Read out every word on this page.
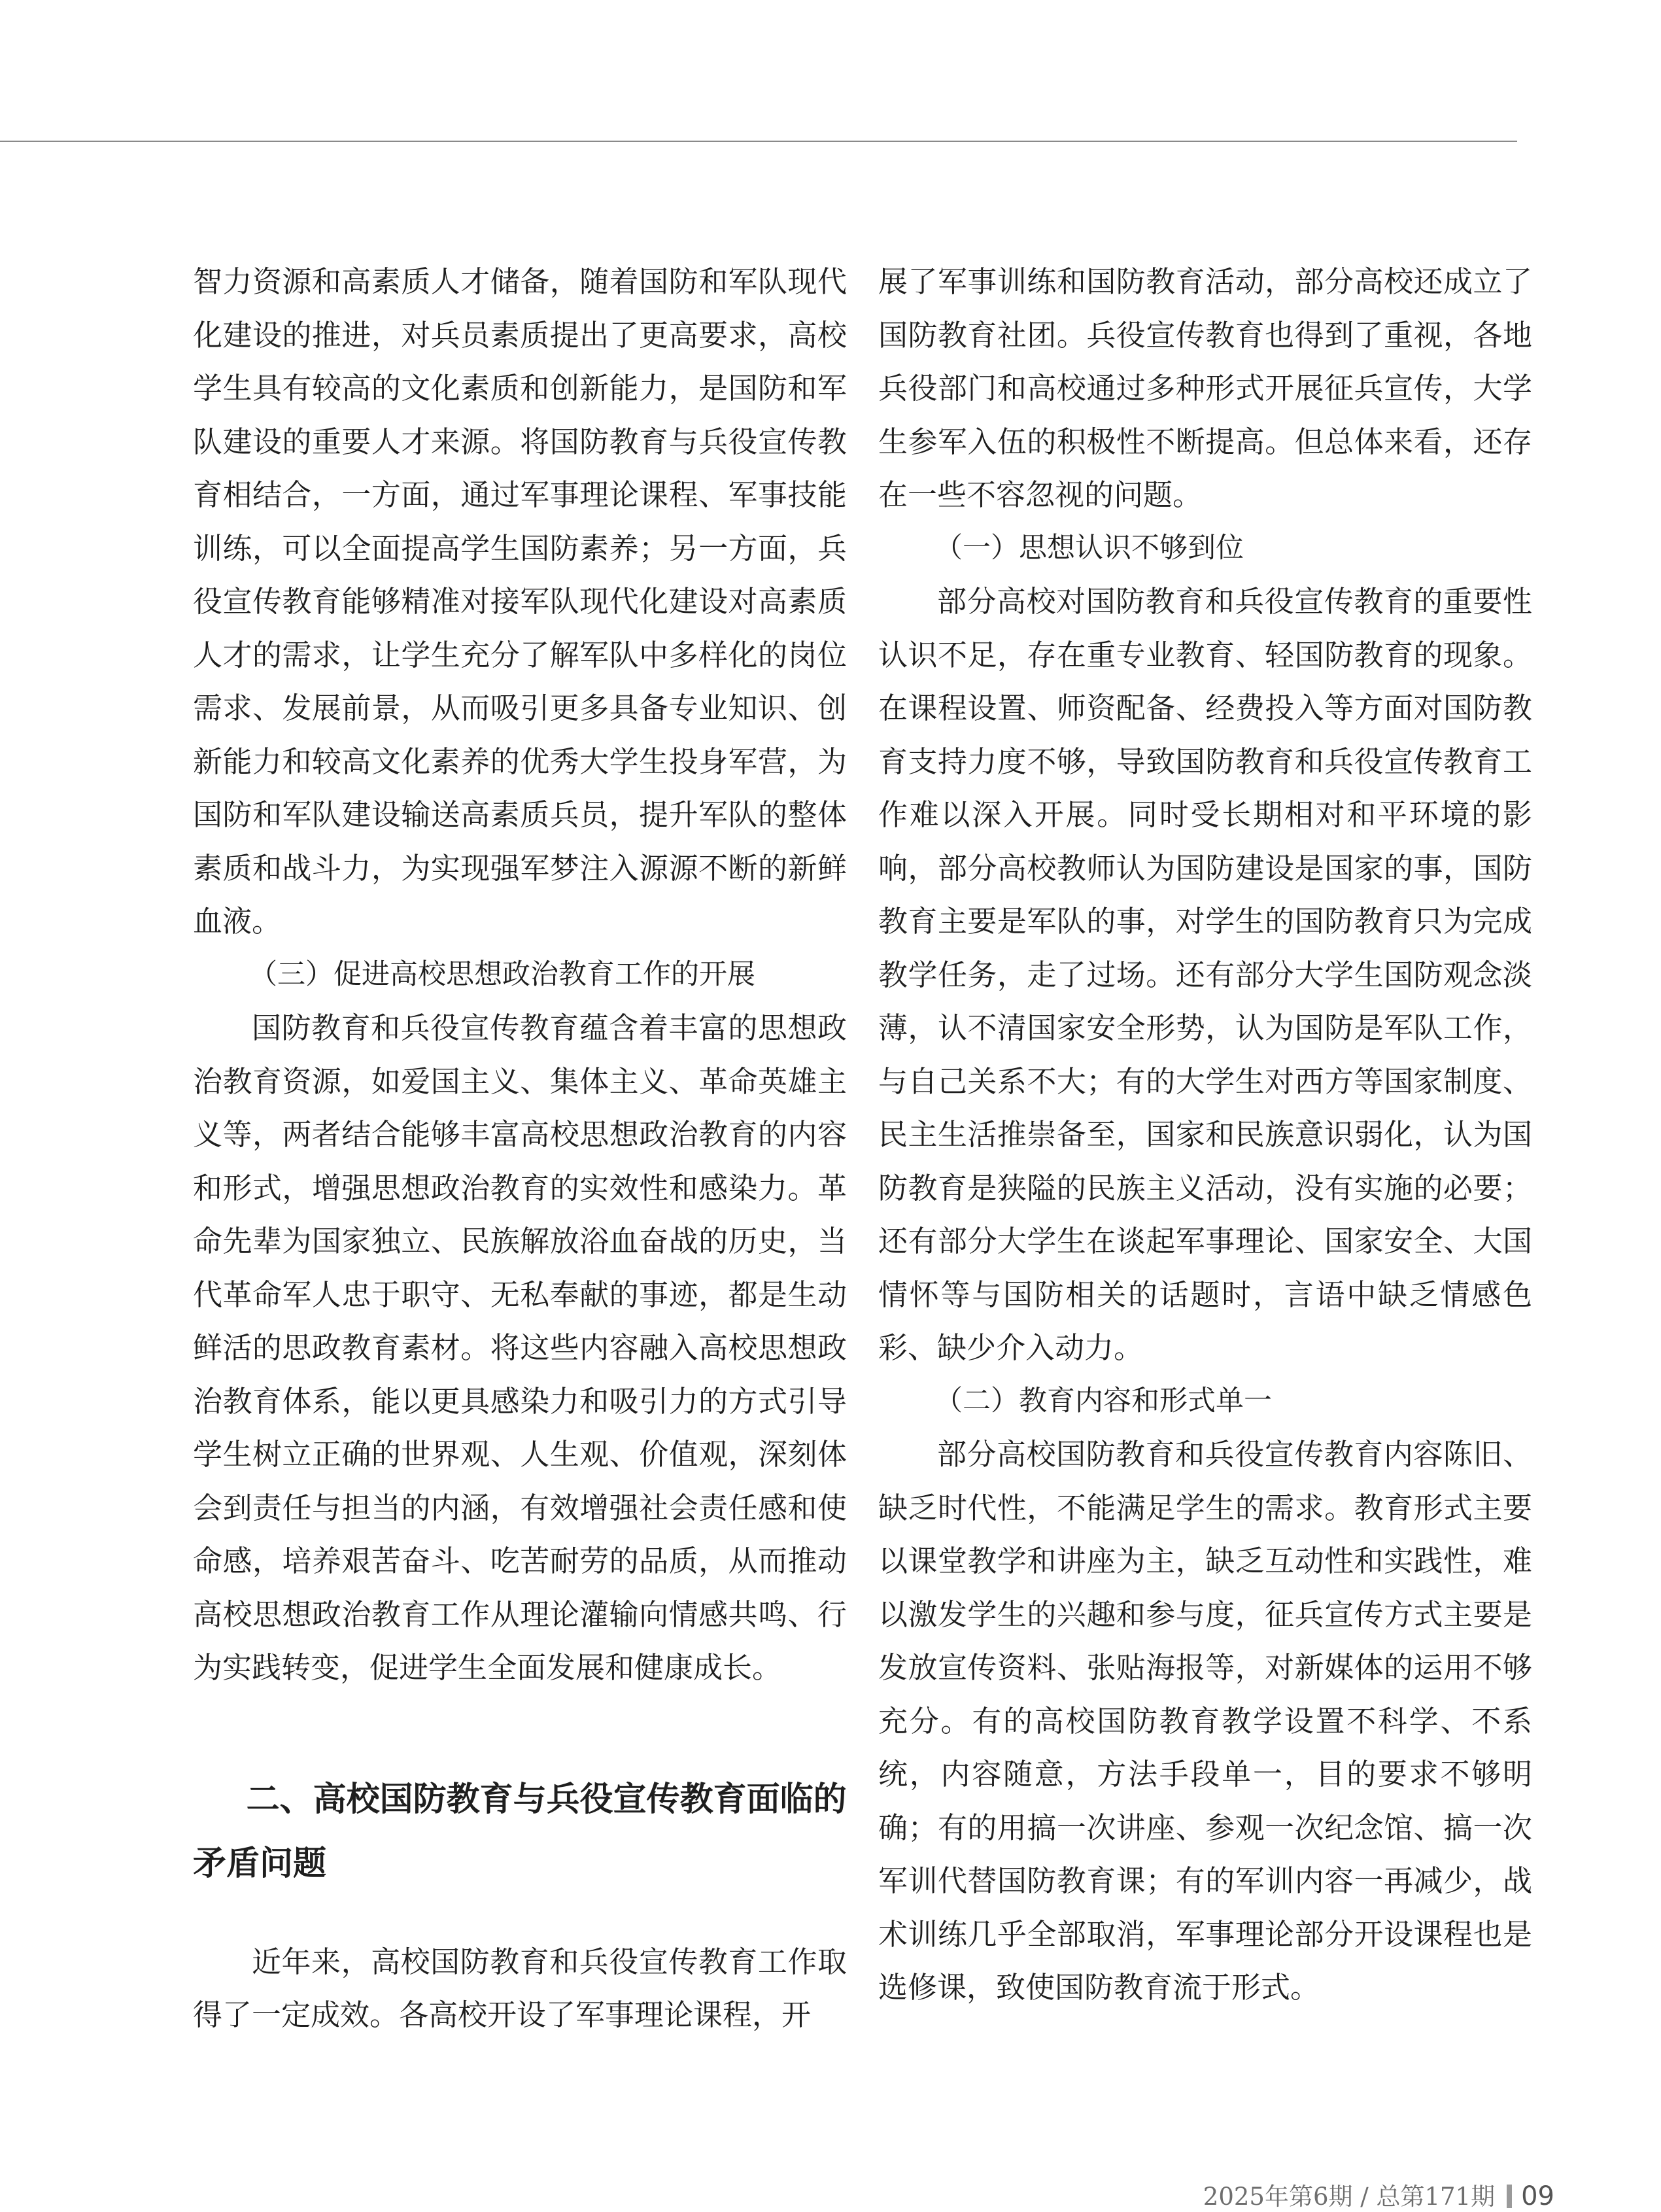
智力资源和高素质人才储备，随着国防和军队现代化建设的推进，对兵员素质提出了更高要求，高校学生具有较高的文化素质和创新能力，是国防和军队建设的重要人才来源。将国防教育与兵役宣传教育相结合，一方面，通过军事理论课程、军事技能训练，可以全面提高学生国防素养；另一方面，兵役宣传教育能够精准对接军队现代化建设对高素质人才的需求，让学生充分了解军队中多样化的岗位需求、发展前景，从而吸引更多具备专业知识、创新能力和较高文化素养的优秀大学生投身军营，为国防和军队建设输送高素质兵员，提升军队的整体素质和战斗力，为实现强军梦注入源源不断的新鲜血液。

（三）促进高校思想政治教育工作的开展

国防教育和兵役宣传教育蕴含着丰富的思想政治教育资源，如爱国主义、集体主义、革命英雄主义等，两者结合能够丰富高校思想政治教育的内容和形式，增强思想政治教育的实效性和感染力。革命先辈为国家独立、民族解放浴血奋战的历史，当代革命军人忠于职守、无私奉献的事迹，都是生动鲜活的思政教育素材。将这些内容融入高校思想政治教育体系，能以更具感染力和吸引力的方式引导学生树立正确的世界观、人生观、价值观，深刻体会到责任与担当的内涵，有效增强社会责任感和使命感，培养艰苦奋斗、吃苦耐劳的品质，从而推动高校思想政治教育工作从理论灌输向情感共鸣、行为实践转变，促进学生全面发展和健康成长。

二、高校国防教育与兵役宣传教育面临的矛盾问题

近年来，高校国防教育和兵役宣传教育工作取得了一定成效。各高校开设了军事理论课程，开

展了军事训练和国防教育活动，部分高校还成立了国防教育社团。兵役宣传教育也得到了重视，各地兵役部门和高校通过多种形式开展征兵宣传，大学生参军入伍的积极性不断提高。但总体来看，还存在一些不容忽视的问题。

（一）思想认识不够到位

部分高校对国防教育和兵役宣传教育的重要性认识不足，存在重专业教育、轻国防教育的现象。在课程设置、师资配备、经费投入等方面对国防教育支持力度不够，导致国防教育和兵役宣传教育工作难以深入开展。同时受长期相对和平环境的影响，部分高校教师认为国防建设是国家的事，国防教育主要是军队的事，对学生的国防教育只为完成教学任务，走了过场。还有部分大学生国防观念淡薄，认不清国家安全形势，认为国防是军队工作，与自己关系不大；有的大学生对西方等国家制度、民主生活推崇备至，国家和民族意识弱化，认为国防教育是狭隘的民族主义活动，没有实施的必要；还有部分大学生在谈起军事理论、国家安全、大国情怀等与国防相关的话题时，言语中缺乏情感色彩、缺少介入动力。

（二）教育内容和形式单一

部分高校国防教育和兵役宣传教育内容陈旧、缺乏时代性，不能满足学生的需求。教育形式主要以课堂教学和讲座为主，缺乏互动性和实践性，难以激发学生的兴趣和参与度，征兵宣传方式主要是发放宣传资料、张贴海报等，对新媒体的运用不够充分。有的高校国防教育教学设置不科学、不系统，内容随意，方法手段单一，目的要求不够明确；有的用搞一次讲座、参观一次纪念馆、搞一次军训代替国防教育课；有的军训内容一再减少，战术训练几乎全部取消，军事理论部分开设课程也是选修课，致使国防教育流于形式。

2025年第6期 / 总第171期 09
